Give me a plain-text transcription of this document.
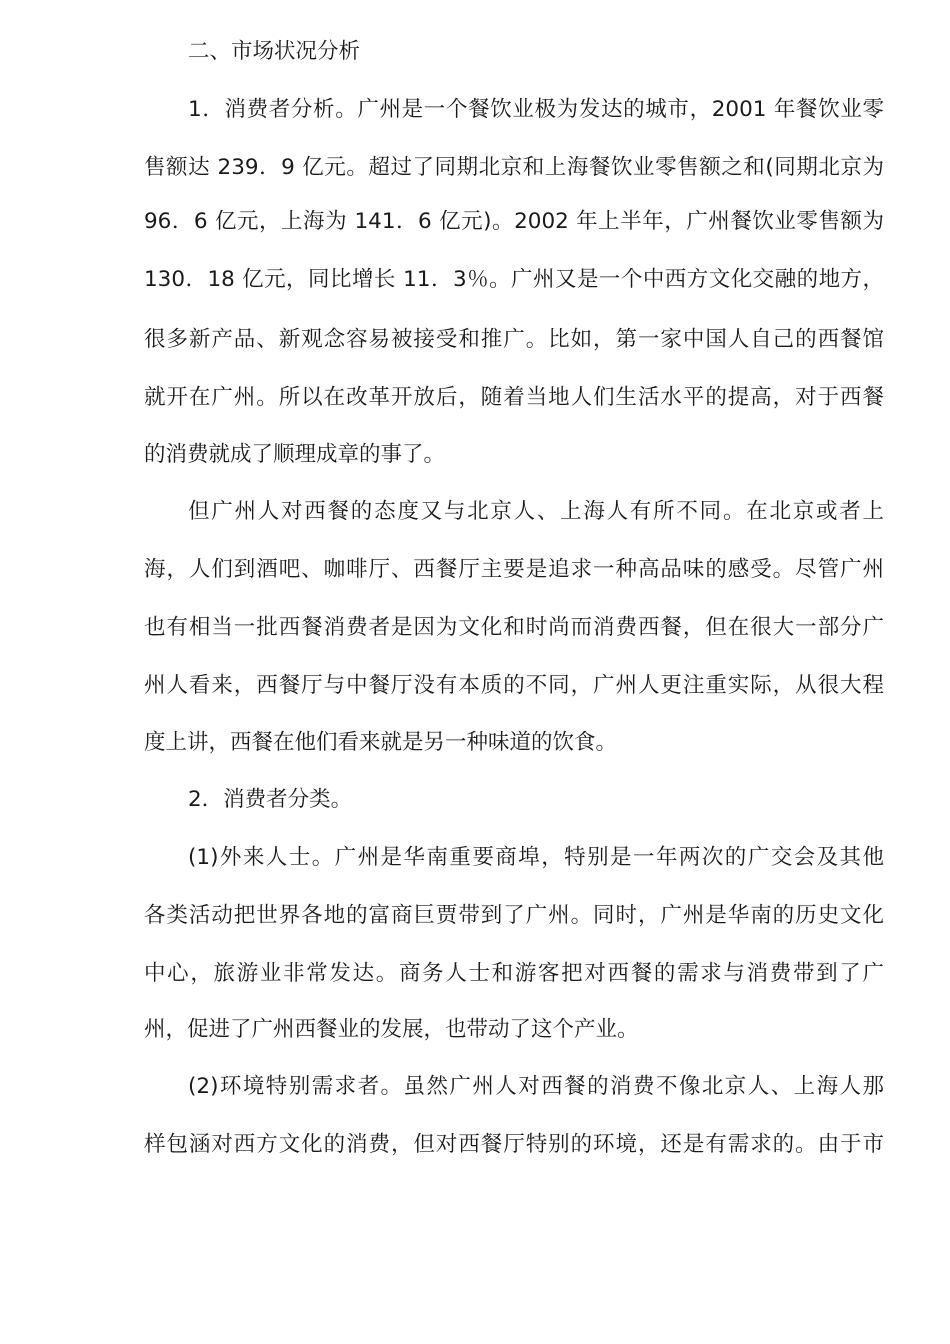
二、市场状况分析

1．消费者分析。广州是一个餐饮业极为发达的城市，2001 年餐饮业零

售额达 239．9 亿元。超过了同期北京和上海餐饮业零售额之和(同期北京为

96．6 亿元，上海为 141．6 亿元)。2002 年上半年，广州餐饮业零售额为

130．18 亿元，同比增长 11．3％。广州又是一个中西方文化交融的地方，

很多新产品、新观念容易被接受和推广。比如，第一家中国人自己的西餐馆

就开在广州。所以在改革开放后，随着当地人们生活水平的提高，对于西餐

的消费就成了顺理成章的事了。

但广州人对西餐的态度又与北京人、上海人有所不同。在北京或者上

海，人们到酒吧、咖啡厅、西餐厅主要是追求一种高品味的感受。尽管广州

也有相当一批西餐消费者是因为文化和时尚而消费西餐，但在很大一部分广

州人看来，西餐厅与中餐厅没有本质的不同，广州人更注重实际，从很大程

度上讲，西餐在他们看来就是另一种味道的饮食。

2．消费者分类。

(1)外来人士。广州是华南重要商埠，特别是一年两次的广交会及其他

各类活动把世界各地的富商巨贾带到了广州。同时，广州是华南的历史文化

中心，旅游业非常发达。商务人士和游客把对西餐的需求与消费带到了广

州，促进了广州西餐业的发展，也带动了这个产业。

(2)环境特别需求者。虽然广州人对西餐的消费不像北京人、上海人那

样包涵对西方文化的消费，但对西餐厅特别的环境，还是有需求的。由于市
